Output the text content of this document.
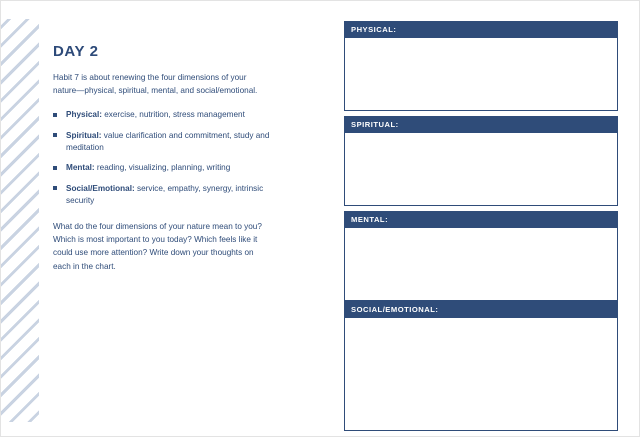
DAY 2

Habit 7 is about renewing the four dimensions of your nature—physical, spiritual, mental, and social/emotional.

Physical: exercise, nutrition, stress management
Spiritual: value clarification and commitment, study and meditation
Mental: reading, visualizing, planning, writing
Social/Emotional: service, empathy, synergy, intrinsic security

What do the four dimensions of your nature mean to you? Which is most important to you today? Which feels like it could use more attention? Write down your thoughts on each in the chart.

PHYSICAL:
SPIRITUAL:
MENTAL:
SOCIAL/EMOTIONAL:
